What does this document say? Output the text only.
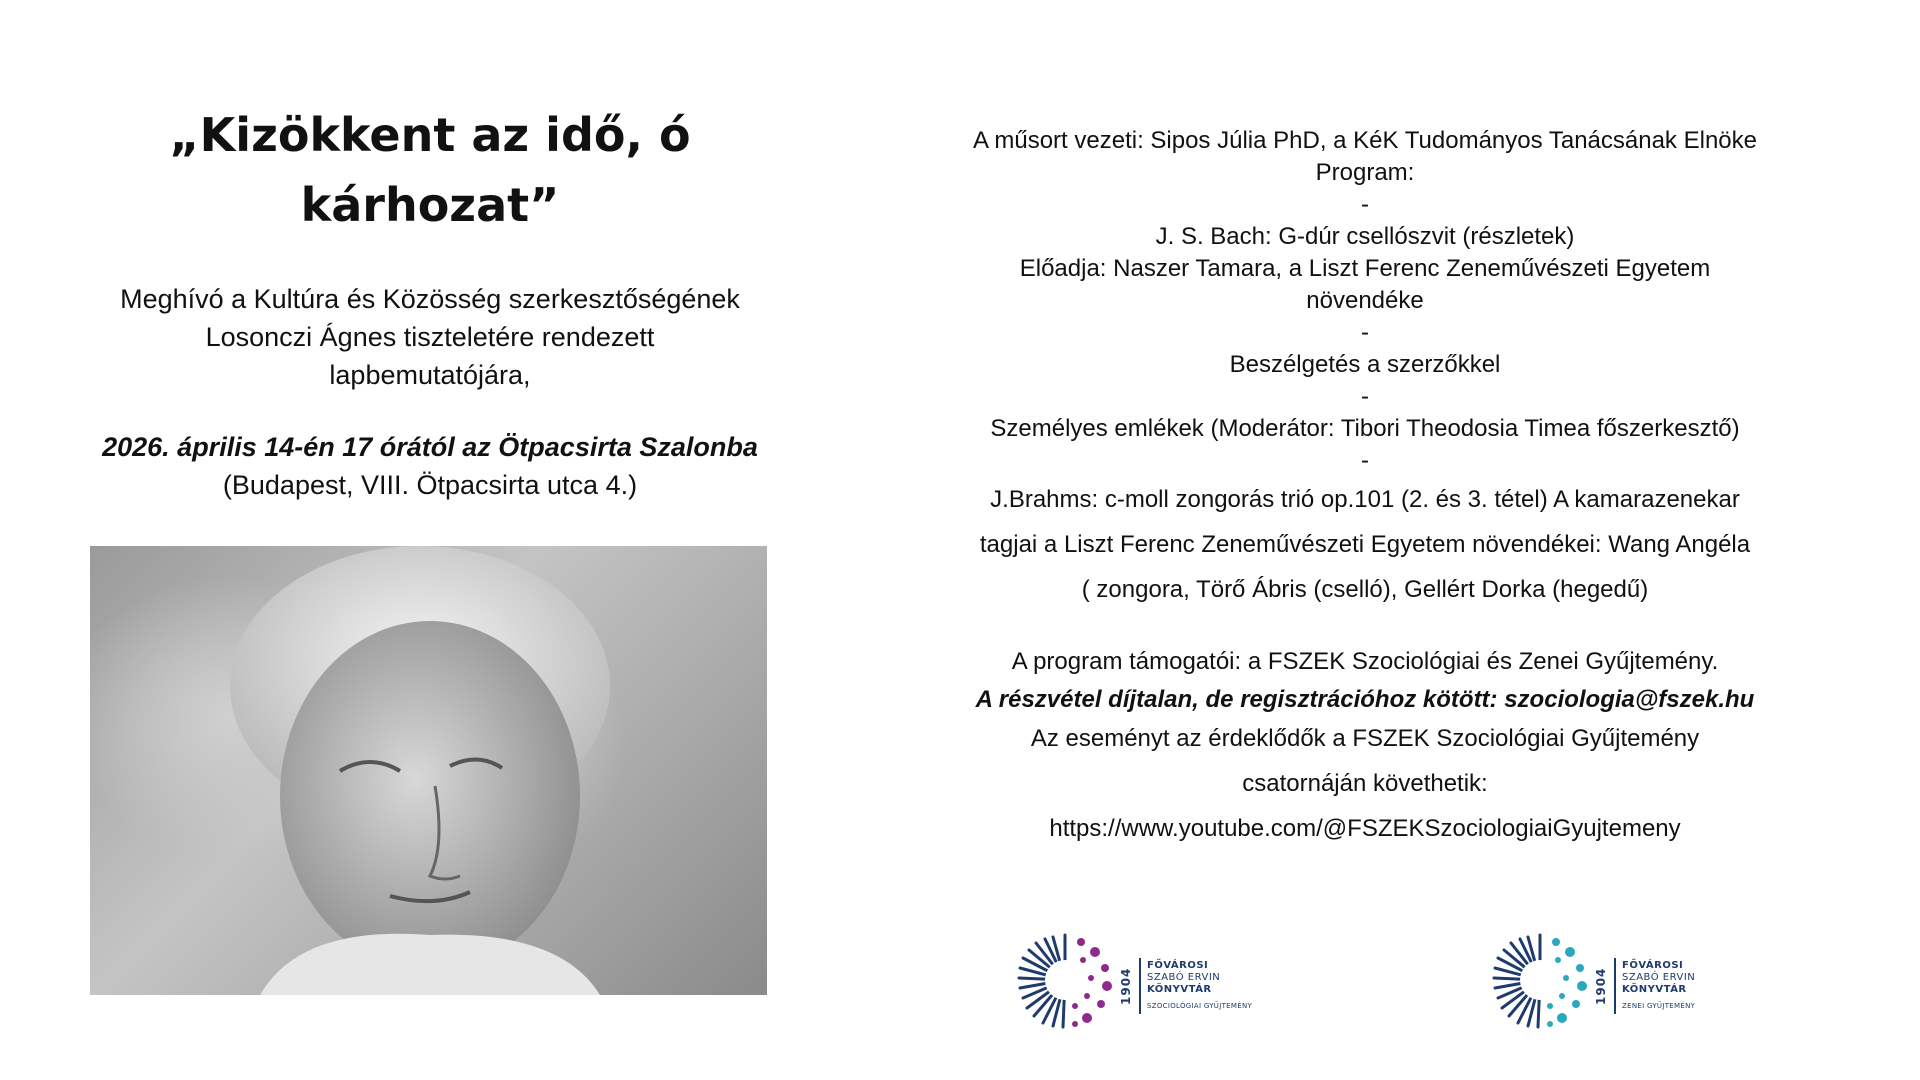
„Kizökkent az idő, ó kárhozat”
Meghívó a Kultúra és Közösség szerkesztőségének
Losonczi Ágnes tiszteletére rendezett
lapbemutatójára,
2026. április 14-én 17 órától az Ötpacsirta Szalonba
(Budapest, VIII. Ötpacsirta utca 4.)
A műsort vezeti: Sipos Júlia PhD, a KéK Tudományos Tanácsának Elnöke
Program:
-
J. S. Bach: G-dúr csellószvit (részletek)
Előadja: Naszer Tamara, a Liszt Ferenc Zeneművészeti Egyetem
növendéke
-
Beszélgetés a szerzőkkel
-
Személyes emlékek (Moderátor: Tibori Theodosia Timea főszerkesztő)
-
J.Brahms: c-moll zongorás trió op.101 (2. és 3. tétel) A kamarazenekar
tagjai a Liszt Ferenc Zeneművészeti Egyetem növendékei: Wang Angéla
( zongora, Törő Ábris (cselló), Gellért Dorka (hegedű)
A program támogatói: a FSZEK Szociológiai és Zenei Gyűjtemény.
A részvétel díjtalan, de regisztrációhoz kötött: szociologia@fszek.hu
Az eseményt az érdeklődők a FSZEK Szociológiai Gyűjtemény
csatornáján követhetik:
https://www.youtube.com/@FSZEKSzociologiaiGyujtemeny
1904
FŐVÁROSI
SZABÓ ERVIN
KÖNYVTÁR
SZOCIOLÓGIAI GYŰJTEMÉNY
1904
FŐVÁROSI
SZABÓ ERVIN
KÖNYVTÁR
ZENEI GYŰJTEMÉNY
